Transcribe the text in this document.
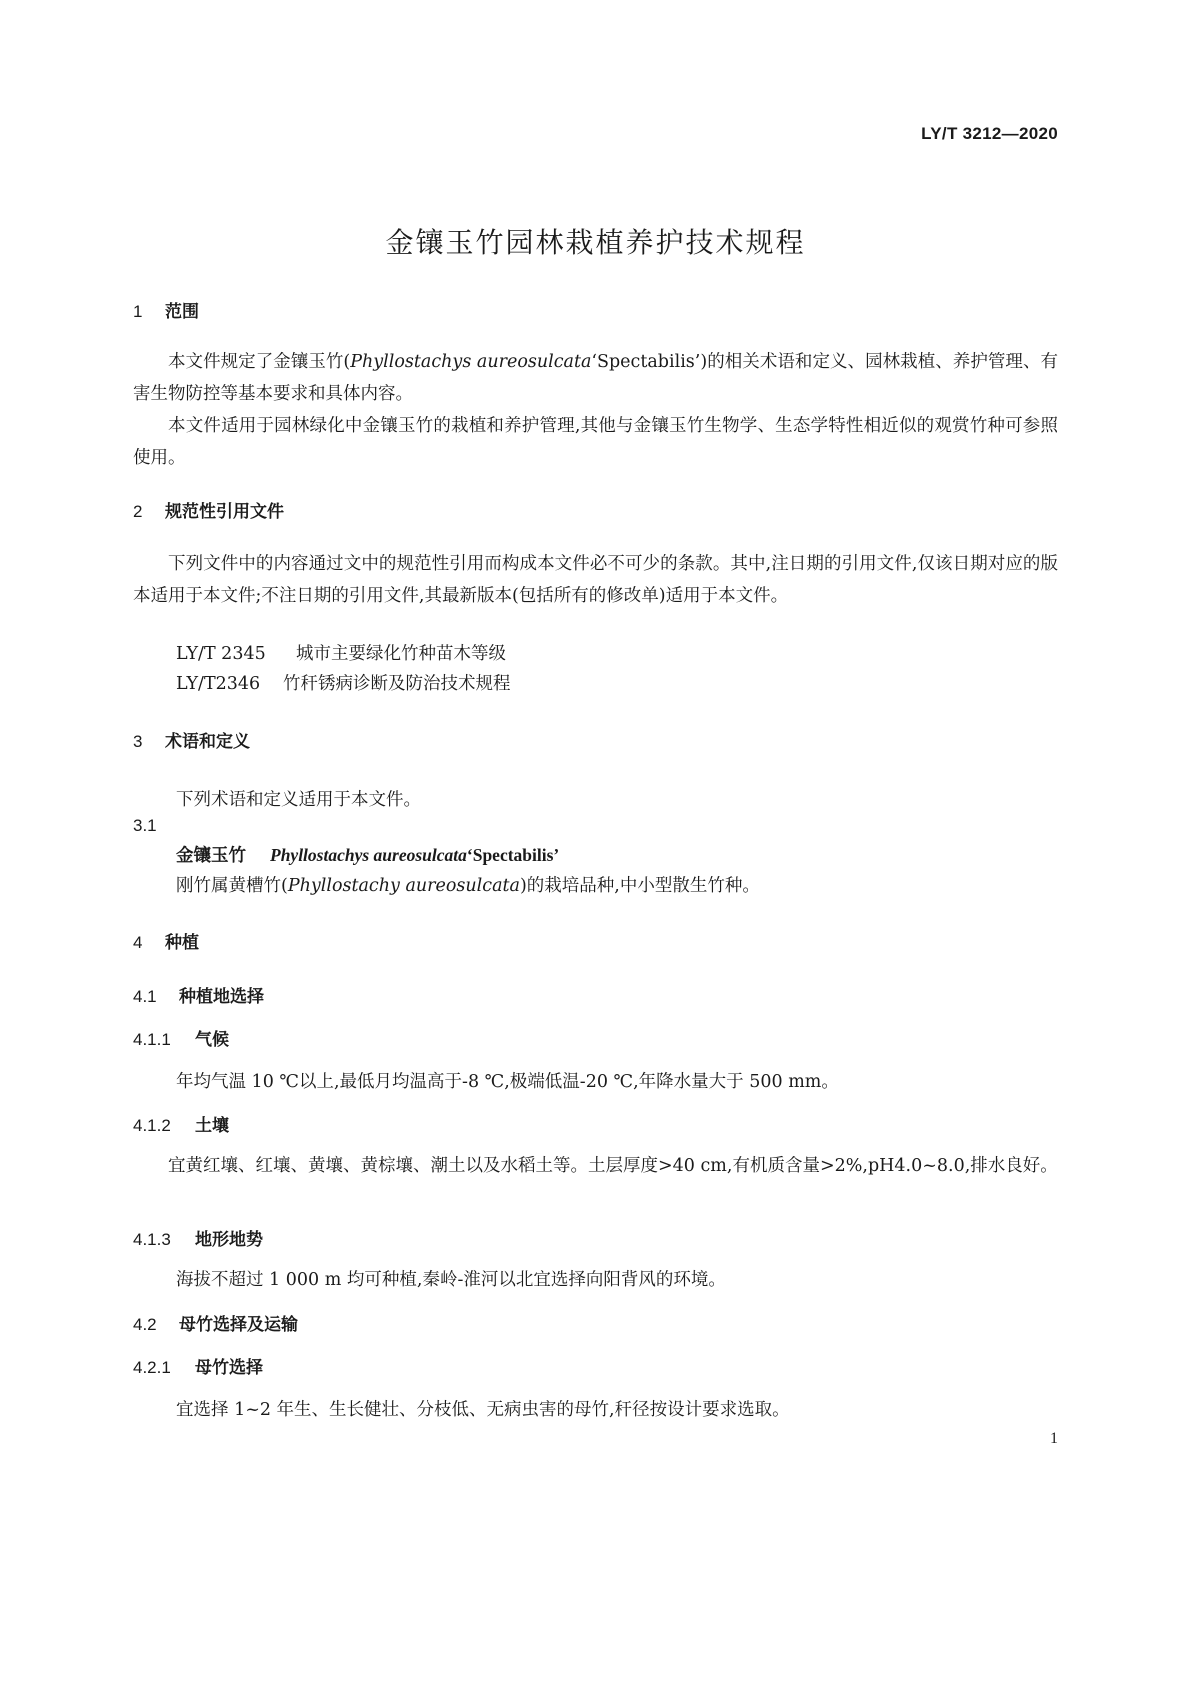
LY/T 3212—2020
金镶玉竹园林栽植养护技术规程
1 范围

本文件规定了金镶玉竹(Phyllostachys aureosulcata‘Spectabilis’)的相关术语和定义、园林栽植、养护管理、有害生物防控等基本要求和具体内容。

本文件适用于园林绿化中金镶玉竹的栽植和养护管理,其他与金镶玉竹生物学、生态学特性相近似的观赏竹种可参照使用。

2 规范性引用文件

下列文件中的内容通过文中的规范性引用而构成本文件必不可少的条款。其中,注日期的引用文件,仅该日期对应的版本适用于本文件;不注日期的引用文件,其最新版本(包括所有的修改单)适用于本文件。

LY/T 2345 城市主要绿化竹种苗木等级
LY/T2346 竹秆锈病诊断及防治技术规程
3 术语和定义
下列术语和定义适用于本文件。
3.1
金镶玉竹 Phyllostachys aureosulcata‘Spectabilis’
刚竹属黄槽竹(Phyllostachy aureosulcata)的栽培品种,中小型散生竹种。
4 种植
4.1 种植地选择
4.1.1 气候
年均气温 10 ℃以上,最低月均温高于-8 ℃,极端低温-20 ℃,年降水量大于 500 mm。
4.1.2 土壤

宜黄红壤、红壤、黄壤、黄棕壤、潮土以及水稻土等。土层厚度>40 cm,有机质含量>2%,pH4.0~8.0,排水良好。

4.1.3 地形地势
海拔不超过 1 000 m 均可种植,秦岭-淮河以北宜选择向阳背风的环境。
4.2 母竹选择及运输
4.2.1 母竹选择
宜选择 1~2 年生、生长健壮、分枝低、无病虫害的母竹,秆径按设计要求选取。
1
